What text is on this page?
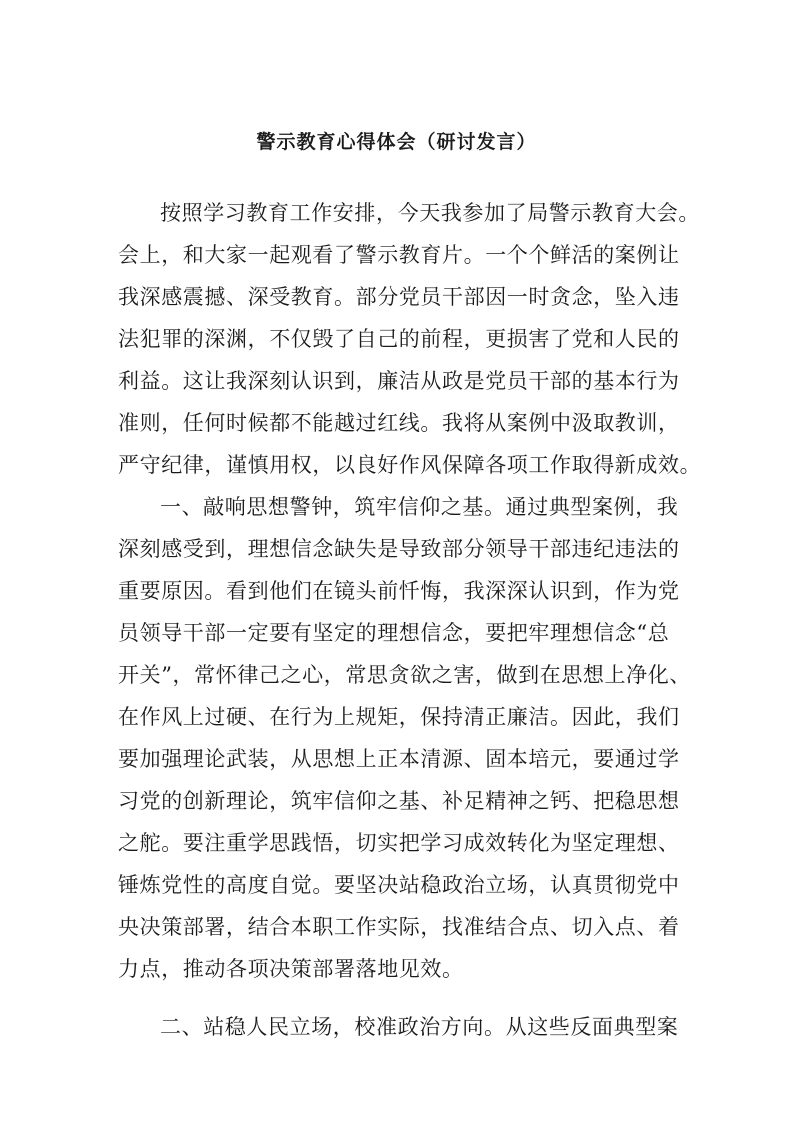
警示教育心得体会（研讨发言）
按照学习教育工作安排，今天我参加了局警示教育大会。
会上，和大家一起观看了警示教育片。一个个鲜活的案例让
我深感震撼、深受教育。部分党员干部因一时贪念，坠入违
法犯罪的深渊，不仅毁了自己的前程，更损害了党和人民的
利益。这让我深刻认识到，廉洁从政是党员干部的基本行为
准则，任何时候都不能越过红线。我将从案例中汲取教训，
严守纪律，谨慎用权，以良好作风保障各项工作取得新成效。
一、敲响思想警钟，筑牢信仰之基。通过典型案例，我
深刻感受到，理想信念缺失是导致部分领导干部违纪违法的
重要原因。看到他们在镜头前忏悔，我深深认识到，作为党
员领导干部一定要有坚定的理想信念，要把牢理想信念“总
开关”，常怀律己之心，常思贪欲之害，做到在思想上净化、
在作风上过硬、在行为上规矩，保持清正廉洁。因此，我们
要加强理论武装，从思想上正本清源、固本培元，要通过学
习党的创新理论，筑牢信仰之基、补足精神之钙、把稳思想
之舵。要注重学思践悟，切实把学习成效转化为坚定理想、
锤炼党性的高度自觉。要坚决站稳政治立场，认真贯彻党中
央决策部署，结合本职工作实际，找准结合点、切入点、着
力点，推动各项决策部署落地见效。
二、站稳人民立场，校准政治方向。从这些反面典型案
